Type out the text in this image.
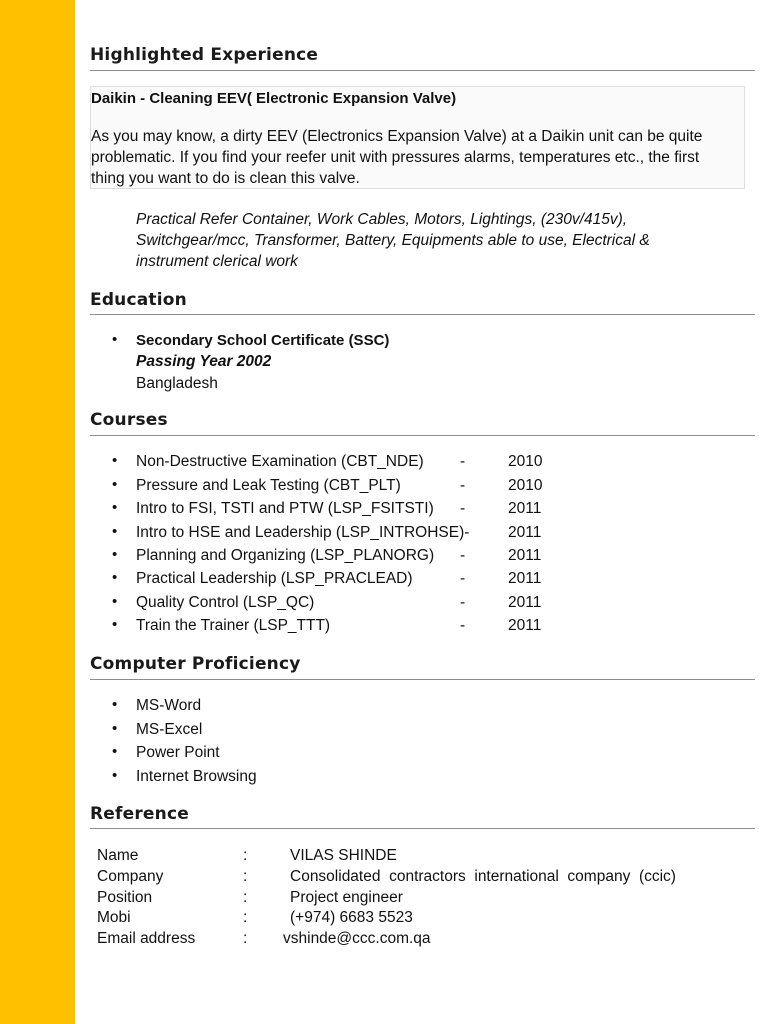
Highlighted Experience
Daikin - Cleaning EEV( Electronic Expansion Valve)
As you may know, a dirty EEV (Electronics Expansion Valve) at a Daikin unit can be quite problematic. If you find your reefer unit with pressures alarms, temperatures etc., the first thing you want to do is clean this valve.
Practical Refer Container, Work Cables, Motors, Lightings, (230v/415v),
Switchgear/mcc, Transformer, Battery, Equipments able to use, Electrical &
instrument clerical work
Education
• Secondary School Certificate (SSC)
Passing Year 2002
Bangladesh
Courses
• Non-Destructive Examination (CBT_NDE) -	2010
• Pressure and Leak Testing (CBT_PLT)	-	2010
• Intro to FSI, TSTI and PTW (LSP_FSITSTI) -	2011
• Intro to HSE and Leadership (LSP_INTROHSE)- 2011
• Planning and Organizing (LSP_PLANORG) -	2011
• Practical Leadership (LSP_PRACLEAD)	-	2011
• Quality Control (LSP_QC)	-	2011
• Train the Trainer (LSP_TTT)	-	2011
Computer Proficiency
• MS-Word
• MS-Excel
• Power Point
• Internet Browsing
Reference
Name	:	VILAS SHINDE
Company	:	Consolidated  contractors  international  company  (ccic)
Position	:	Project engineer
Mobi	:	(+974) 6683 5523
Email address	: vshinde@ccc.com.qa
